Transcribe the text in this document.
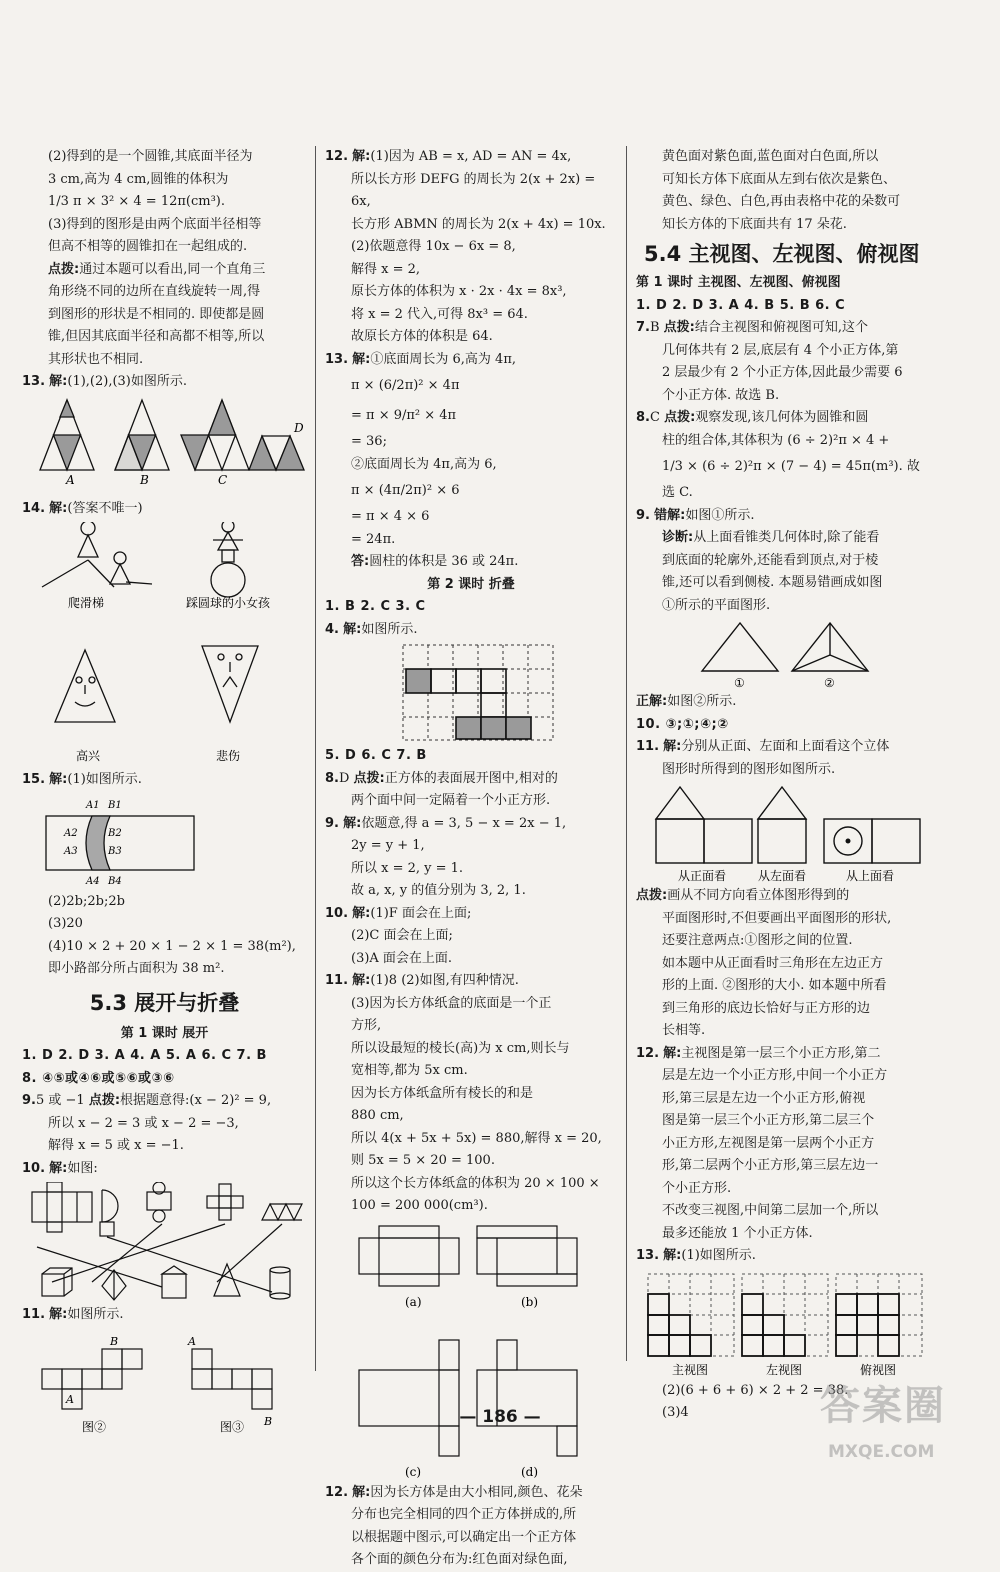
(2)得到的是一个圆锥,其底面半径为

3 cm,高为 4 cm,圆锥的体积为

1/3 π × 3² × 4 = 12π(cm³).

(3)得到的图形是由两个底面半径相等

但高不相等的圆锥扣在一起组成的.

点拨:通过本题可以看出,同一个直角三

角形绕不同的边所在直线旋转一周,得

到图形的形状是不相同的. 即使都是圆

锥,但因其底面半径和高都不相等,所以

其形状也不相同.

13. 解:(1),(2),(3)如图所示.

A	B	C
D

14. 解:(答案不唯一)

爬滑梯	踩圆球的小女孩
高兴	悲伤

15. 解:(1)如图所示.

A1 B1
A2	B2
A3	B3
A4 B4

(2)2b;2b;2b

(3)20

(4)10 × 2 + 20 × 1 − 2 × 1 = 38(m²),

即小路部分所占面积为 38 m².

5.3 展开与折叠

第 1 课时 展开

1. D 2. D 3. A 4. A 5. A 6. C 7. B

8. ④⑤或④⑥或⑤⑥或③⑥

9.5 或 −1 点拨:根据题意得:(x − 2)² = 9,

所以 x − 2 = 3 或 x − 2 = −3,

解得 x = 5 或 x = −1.

10. 解:如图:

11. 解:如图所示.

B
A
A
B
图②	图③

12. 解:(1)因为 AB = x, AD = AN = 4x,

所以长方形 DEFG 的周长为 2(x + 2x) = 6x,

长方形 ABMN 的周长为 2(x + 4x) = 10x.

(2)依题意得 10x − 6x = 8,

解得 x = 2,

原长方体的体积为 x · 2x · 4x = 8x³,

将 x = 2 代入,可得 8x³ = 64.

故原长方体的体积是 64.

13. 解:①底面周长为 6,高为 4π,

π × (6/2π)² × 4π

= π × 9/π² × 4π

= 36;

②底面周长为 4π,高为 6,

π × (4π/2π)² × 6

= π × 4 × 6

= 24π.

答:圆柱的体积是 36 或 24π.

第 2 课时 折叠

1. B 2. C 3. C

4. 解:如图所示.

5. D 6. C 7. B

8.D 点拨:正方体的表面展开图中,相对的

两个面中间一定隔着一个小正方形.

9. 解:依题意,得 a = 3, 5 − x = 2x − 1,

2y = y + 1,

所以 x = 2, y = 1.

故 a, x, y 的值分别为 3, 2, 1.

10. 解:(1)F 面会在上面;

(2)C 面会在上面;

(3)A 面会在上面.

11. 解:(1)8 (2)如图,有四种情况.

(3)因为长方体纸盒的底面是一个正

方形,

所以设最短的棱长(高)为 x cm,则长与

宽相等,都为 5x cm.

因为长方体纸盒所有棱长的和是

880 cm,

所以 4(x + 5x + 5x) = 880,解得 x = 20,

则 5x = 5 × 20 = 100.

所以这个长方体纸盒的体积为 20 × 100 ×

100 = 200 000(cm³).

(a)	(b)
(c)	(d)

12. 解:因为长方体是由大小相同,颜色、花朵

分布也完全相同的四个正方体拼成的,所

以根据题中图示,可以确定出一个正方体

各个面的颜色分布为:红色面对绿色面,

黄色面对紫色面,蓝色面对白色面,所以

可知长方体下底面从左到右依次是紫色、

黄色、绿色、白色,再由表格中花的朵数可

知长方体的下底面共有 17 朵花.

5.4 主视图、左视图、俯视图

第 1 课时 主视图、左视图、俯视图

1. D 2. D 3. A 4. B 5. B 6. C

7.B 点拨:结合主视图和俯视图可知,这个

几何体共有 2 层,底层有 4 个小正方体,第

2 层最少有 2 个小正方体,因此最少需要 6

个小正方体. 故选 B.

8.C 点拨:观察发现,该几何体为圆锥和圆

柱的组合体,其体积为 (6 ÷ 2)²π × 4 +

1/3 × (6 ÷ 2)²π × (7 − 4) = 45π(m³). 故

选 C.

9. 错解:如图①所示.

诊断:从上面看锥类几何体时,除了能看

到底面的轮廓外,还能看到顶点,对于棱

锥,还可以看到侧棱. 本题易错画成如图

①所示的平面图形.

①	②

正解:如图②所示.

10. ③;①;④;②

11. 解:分别从正面、左面和上面看这个立体

图形时所得到的图形如图所示.

从正面看	从左面看	从上面看

点拨:画从不同方向看立体图形得到的

平面图形时,不但要画出平面图形的形状,

还要注意两点:①图形之间的位置.

如本题中从正面看时三角形在左边正方

形的上面. ②图形的大小. 如本题中所看

到三角形的底边长恰好与正方形的边

长相等.

12. 解:主视图是第一层三个小正方形,第二

层是左边一个小正方形,中间一个小正方

形,第三层是左边一个小正方形,俯视

图是第一层三个小正方形,第二层三个

小正方形,左视图是第一层两个小正方

形,第二层两个小正方形,第三层左边一

个小正方形.

不改变三视图,中间第二层加一个,所以

最多还能放 1 个小正方体.

13. 解:(1)如图所示.

主视图	左视图	俯视图

(2)(6 + 6 + 6) × 2 + 2 = 38.

(3)4

— 186 —	答案圈
MXQE.COM
